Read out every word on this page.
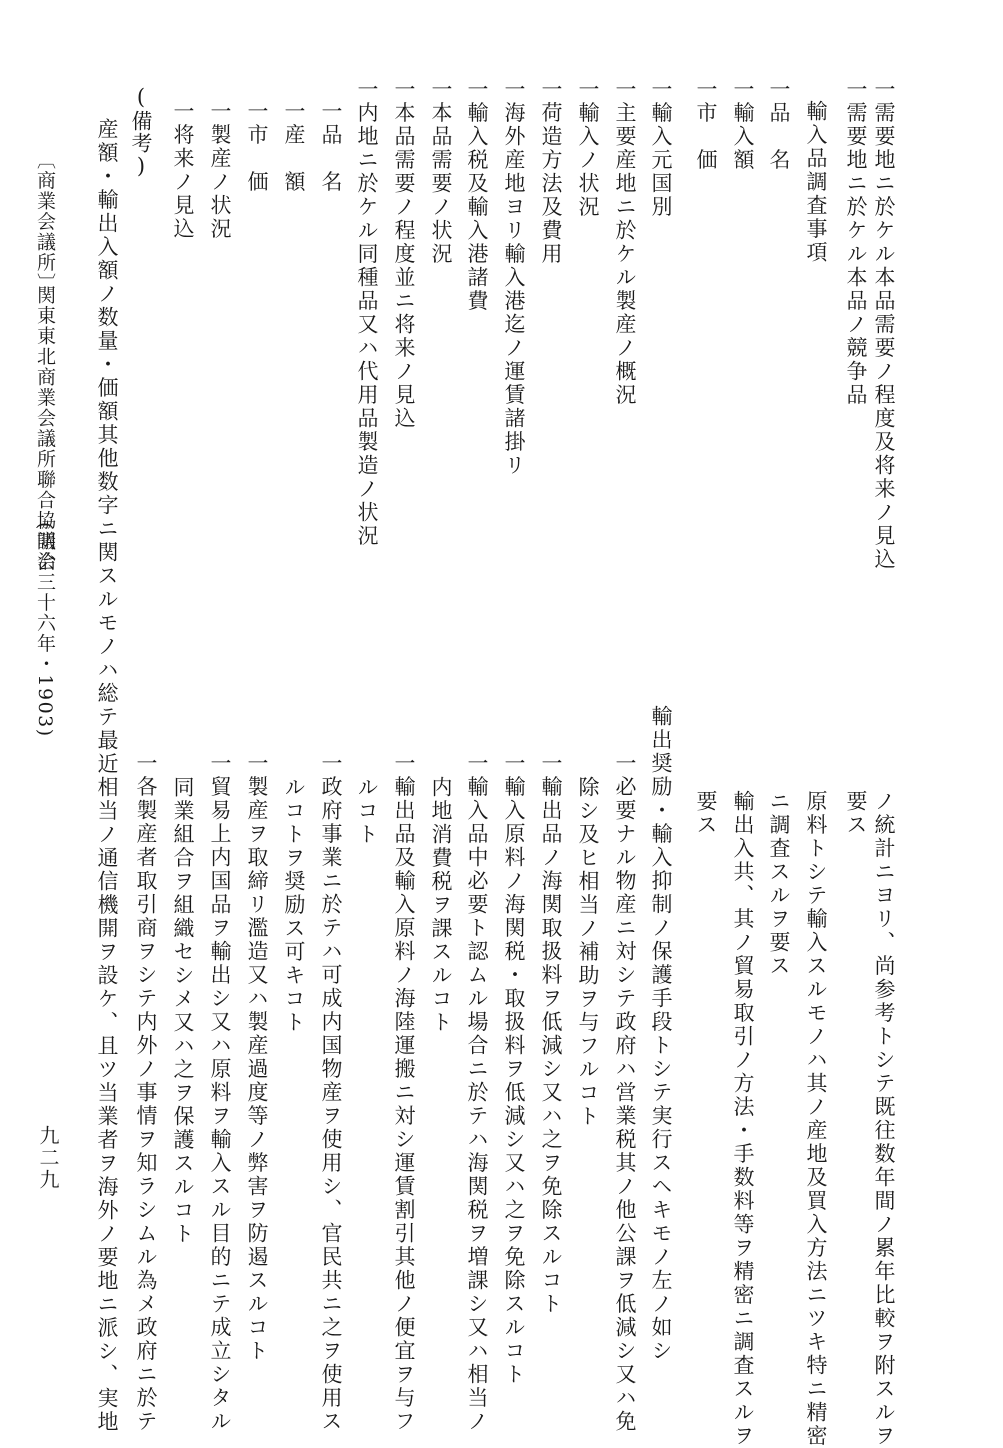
一需要地ニ於ケル本品需要ノ程度及将来ノ見込
一需要地ニ於ケル本品ノ競争品
輸入品調査事項
一品　名
一輸入額
一市　価
一輸入元国別
一輸入ノ状況 一主要産地ニ於ケル製産ノ概況
一荷造方法及費用
一海外産地ヨリ輸入港迄ノ運賃諸掛リ
一輸入税及輸入港諸費
一本品需要ノ状況
一本品需要ノ程度並ニ将来ノ見込
一内地ニ於ケル同種品又ハ代用品製造ノ状況
一品　名
一産　額
一市　価
一製産ノ状況
一将来ノ見込
(備考)
産額・輸出入額ノ数量・価額其他数字ニ関スルモノハ総テ最近
〔商業会議所〕
関東東北商業会議所聯合協議会
(明治三十六年・1903)
ノ統計ニヨリ、尚参考トシテ既往数年間ノ累年比較ヲ附スルヲ
要ス
原料トシテ輸入スルモノハ其ノ産地及買入方法ニツキ特ニ精密
ニ調査スルヲ要ス
輸出入共、其ノ貿易取引ノ方法・手数料等ヲ精密ニ調査スルヲ
要ス
輸出奨励・輸入抑制ノ保護手段トシテ実行スヘキモノ左ノ如シ
一必要ナル物産ニ対シテ政府ハ営業税其ノ他公課ヲ低減シ又ハ免
除シ及ヒ相当ノ補助ヲ与フルコト
一輸出品ノ海関取扱料ヲ低減シ又ハ之ヲ免除スルコト
一輸入原料ノ海関税・取扱料ヲ低減シ又ハ之ヲ免除スルコト
一輸入品中必要ト認ムル場合ニ於テハ海関税ヲ増課シ又ハ相当ノ
内地消費税ヲ課スルコト
一輸出品及輸入原料ノ海陸運搬ニ対シ運賃割引其他ノ便宜ヲ与フ
ルコト
一政府事業ニ於テハ可成内国物産ヲ使用シ、官民共ニ之ヲ使用ス
ルコトヲ奨励ス可キコト
一製産ヲ取締リ濫造又ハ製産過度等ノ弊害ヲ防遏スルコト
一貿易上内国品ヲ輸出シ又ハ原料ヲ輸入スル目的ニテ成立シタル
同業組合ヲ組織セシメ又ハ之ヲ保護スルコト
一各製産者取引商ヲシテ内外ノ事情ヲ知ラシムル為メ政府ニ於テ
相当ノ通信機開ヲ設ケ、且ツ当業者ヲ海外ノ要地ニ派シ、実地
九二九
